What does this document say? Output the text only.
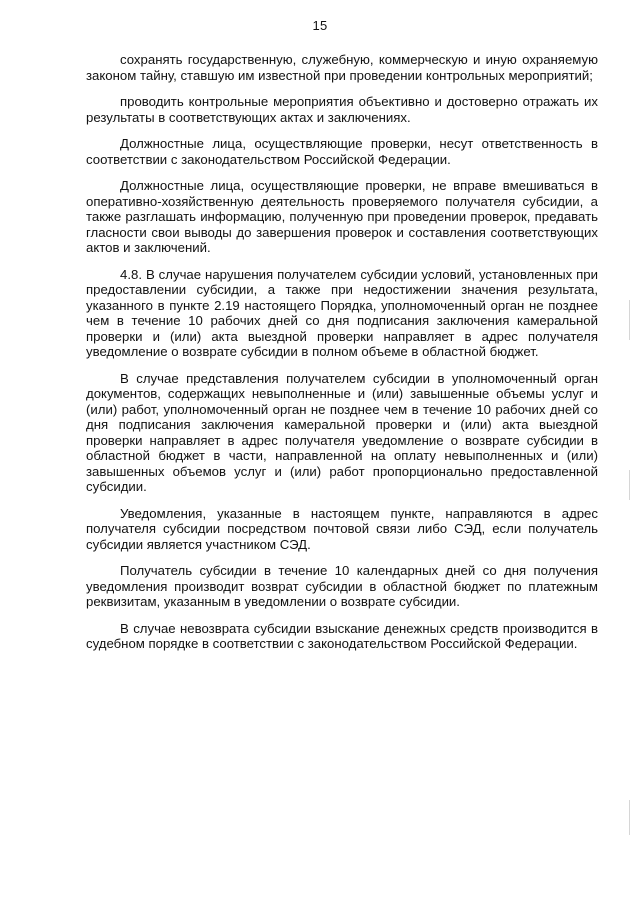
15

сохранять государственную, служебную, коммерческую и иную охраняемую законом тайну, ставшую им известной при проведении контрольных мероприятий;

проводить контрольные мероприятия объективно и достоверно отражать их результаты в соответствующих актах и заключениях.

Должностные лица, осуществляющие проверки, несут ответственность в соответствии с законодательством Российской Федерации.

Должностные лица, осуществляющие проверки, не вправе вмешиваться в оперативно-хозяйственную деятельность проверяемого получателя субсидии, а также разглашать информацию, полученную при проведении проверок, предавать гласности свои выводы до завершения проверок и составления соответствующих актов и заключений.

4.8. В случае нарушения получателем субсидии условий, установленных при предоставлении субсидии, а также при недостижении значения результата, указанного в пункте 2.19 настоящего Порядка, уполномоченный орган не позднее чем в течение 10 рабочих дней со дня подписания заключения камеральной проверки и (или) акта выездной проверки направляет в адрес получателя уведомление о возврате субсидии в полном объеме в областной бюджет.

В случае представления получателем субсидии в уполномоченный орган документов, содержащих невыполненные и (или) завышенные объемы услуг и (или) работ, уполномоченный орган не позднее чем в течение 10 рабочих дней со дня подписания заключения камеральной проверки и (или) акта выездной проверки направляет в адрес получателя уведомление о возврате субсидии в областной бюджет в части, направленной на оплату невыполненных и (или) завышенных объемов услуг и (или) работ пропорционально предоставленной субсидии.

Уведомления, указанные в настоящем пункте, направляются в адрес получателя субсидии посредством почтовой связи либо СЭД, если получатель субсидии является участником СЭД.

Получатель субсидии в течение 10 календарных дней со дня получения уведомления производит возврат субсидии в областной бюджет по платежным реквизитам, указанным в уведомлении о возврате субсидии.

В случае невозврата субсидии взыскание денежных средств производится в судебном порядке в соответствии с законодательством Российской Федерации.
